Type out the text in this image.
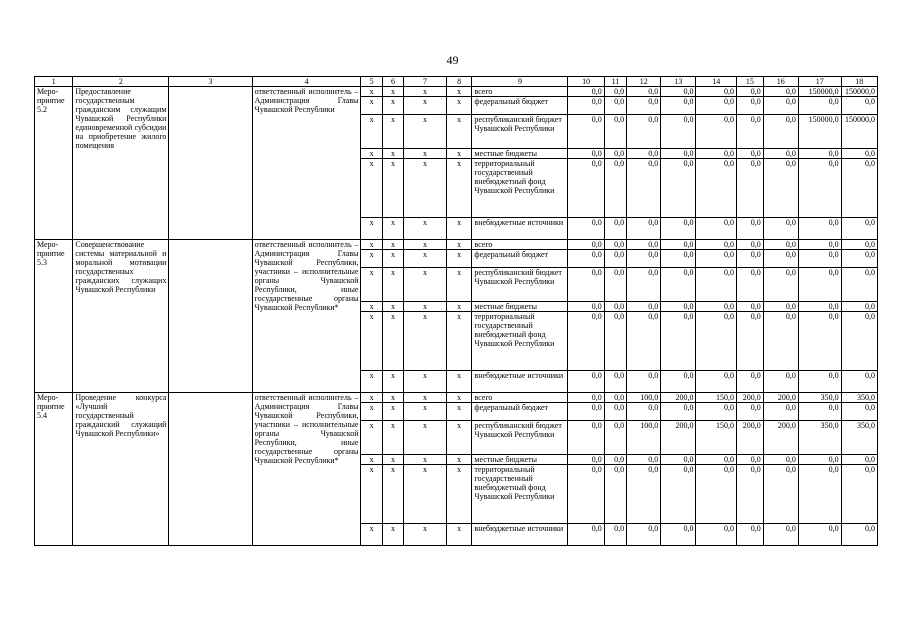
49
1	2	3	4	5	6	7	8	9	10	11	12	13	14	15	16	17	18
Меро-приятие 5.2	Предоставление государственным гражданским служащим Чувашской Республики единовременной субсидии на приобретение жилого помещения		ответственный исполнитель – Администрация Главы Чувашской Республики	x	x	x	x	всего	0,0	0,0	0,0	0,0	0,0	0,0	0,0	150000,0	150000,0
				x	x	x	x	федеральный бюджет	0,0	0,0	0,0	0,0	0,0	0,0	0,0	0,0	0,0
				x	x	x	x	республиканский бюджет Чувашской Республики	0,0	0,0	0,0	0,0	0,0	0,0	0,0	150000,0	150000,0
				x	x	x	x	местные бюджеты	0,0	0,0	0,0	0,0	0,0	0,0	0,0	0,0	0,0
				x	x	x	x	территориальный государственный внебюджетный фонд Чувашской Республики	0,0	0,0	0,0	0,0	0,0	0,0	0,0	0,0	0,0
				x	x	x	x	внебюджетные источники	0,0	0,0	0,0	0,0	0,0	0,0	0,0	0,0	0,0
Меро-приятие 5.3	Совершенствование системы материальной и моральной мотивации государственных гражданских служащих Чувашской Республики		ответственный исполнитель – Администрация Главы Чувашской Республики, участники – исполнительные органы Чувашской Республики, иные государственные органы Чувашской Республики*	x	x	x	x	всего	0,0	0,0	0,0	0,0	0,0	0,0	0,0	0,0	0,0
				x	x	x	x	федеральный бюджет	0,0	0,0	0,0	0,0	0,0	0,0	0,0	0,0	0,0
				x	x	x	x	республиканский бюджет Чувашской Республики	0,0	0,0	0,0	0,0	0,0	0,0	0,0	0,0	0,0
				x	x	x	x	местные бюджеты	0,0	0,0	0,0	0,0	0,0	0,0	0,0	0,0	0,0
				x	x	x	x	территориальный государственный внебюджетный фонд Чувашской Республики	0,0	0,0	0,0	0,0	0,0	0,0	0,0	0,0	0,0
				x	x	x	x	внебюджетные источники	0,0	0,0	0,0	0,0	0,0	0,0	0,0	0,0	0,0
Меро-приятие 5.4	Проведение конкурса «Лучший государственный гражданский служащий Чувашской Республики»		ответственный исполнитель – Администрация Главы Чувашской Республики, участники – исполнительные органы Чувашской Республики, иные государственные органы Чувашской Республики*	x	x	x	x	всего	0,0	0,0	100,0	200,0	150,0	200,0	200,0	350,0	350,0
				x	x	x	x	федеральный бюджет	0,0	0,0	0,0	0,0	0,0	0,0	0,0	0,0	0,0
				x	x	x	x	республиканский бюджет Чувашской Республики	0,0	0,0	100,0	200,0	150,0	200,0	200,0	350,0	350,0
				x	x	x	x	местные бюджеты	0,0	0,0	0,0	0,0	0,0	0,0	0,0	0,0	0,0
				x	x	x	x	территориальный государственный внебюджетный фонд Чувашской Республики	0,0	0,0	0,0	0,0	0,0	0,0	0,0	0,0	0,0
				x	x	x	x	внебюджетные источники	0,0	0,0	0,0	0,0	0,0	0,0	0,0	0,0	0,0
